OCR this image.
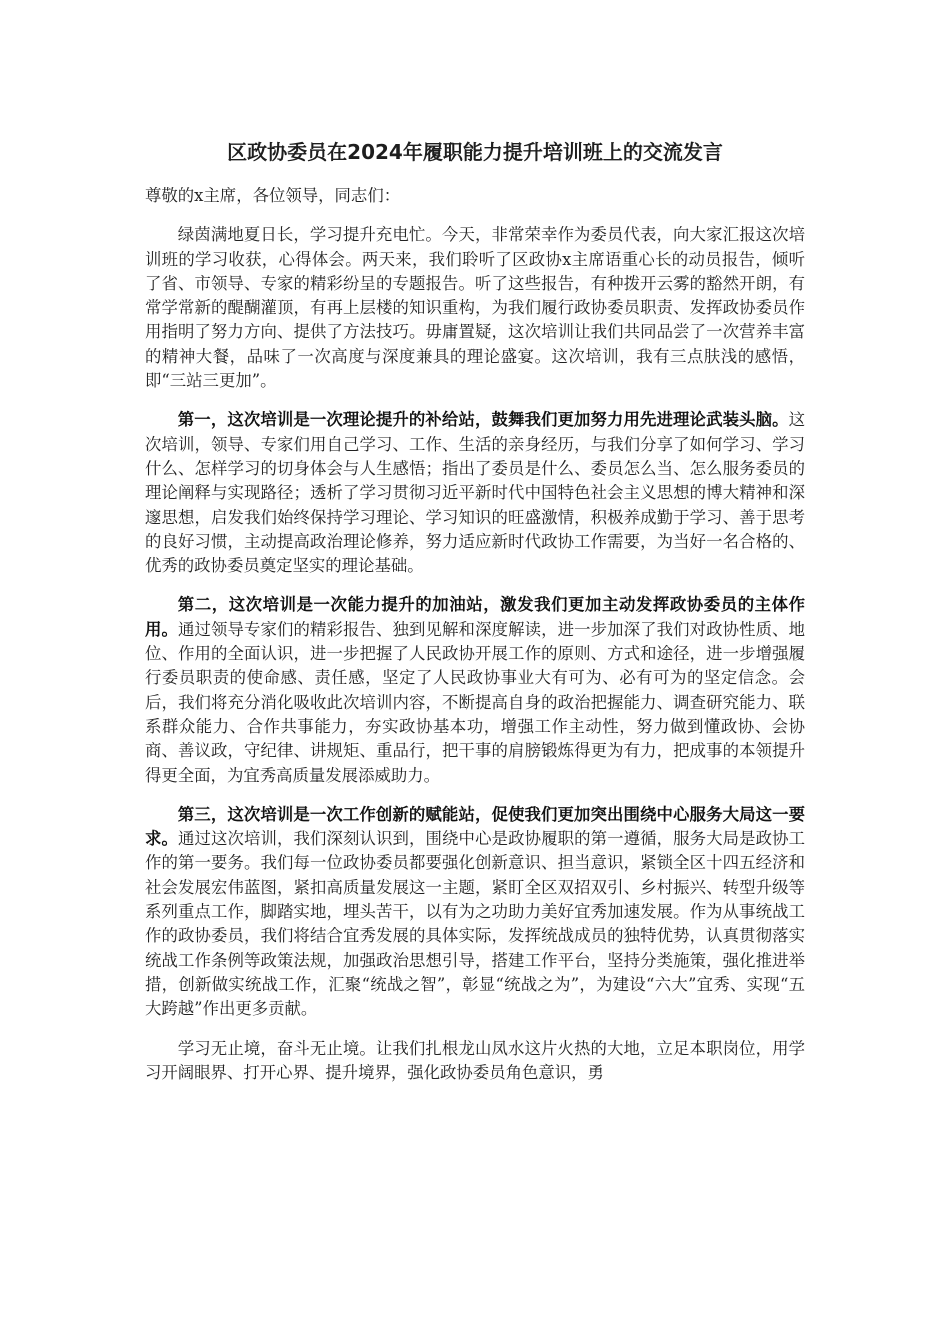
区政协委员在2024年履职能力提升培训班上的交流发言

尊敬的x主席，各位领导，同志们：

绿茵满地夏日长，学习提升充电忙。今天，非常荣幸作为委员代表，向大家汇报这次培训班的学习收获，心得体会。两天来，我们聆听了区政协x主席语重心长的动员报告，倾听了省、市领导、专家的精彩纷呈的专题报告。听了这些报告，有种拨开云雾的豁然开朗，有常学常新的醍醐灌顶，有再上层楼的知识重构，为我们履行政协委员职责、发挥政协委员作用指明了努力方向、提供了方法技巧。毋庸置疑，这次培训让我们共同品尝了一次营养丰富的精神大餐，品味了一次高度与深度兼具的理论盛宴。这次培训，我有三点肤浅的感悟，即“三站三更加”。

第一，这次培训是一次理论提升的补给站，鼓舞我们更加努力用先进理论武装头脑。这次培训，领导、专家们用自己学习、工作、生活的亲身经历，与我们分享了如何学习、学习什么、怎样学习的切身体会与人生感悟；指出了委员是什么、委员怎么当、怎么服务委员的理论阐释与实现路径；透析了学习贯彻习近平新时代中国特色社会主义思想的博大精神和深邃思想，启发我们始终保持学习理论、学习知识的旺盛激情，积极养成勤于学习、善于思考的良好习惯，主动提高政治理论修养，努力适应新时代政协工作需要，为当好一名合格的、优秀的政协委员奠定坚实的理论基础。

第二，这次培训是一次能力提升的加油站，激发我们更加主动发挥政协委员的主体作用。通过领导专家们的精彩报告、独到见解和深度解读，进一步加深了我们对政协性质、地位、作用的全面认识，进一步把握了人民政协开展工作的原则、方式和途径，进一步增强履行委员职责的使命感、责任感，坚定了人民政协事业大有可为、必有可为的坚定信念。会后，我们将充分消化吸收此次培训内容，不断提高自身的政治把握能力、调查研究能力、联系群众能力、合作共事能力，夯实政协基本功，增强工作主动性，努力做到懂政协、会协商、善议政，守纪律、讲规矩、重品行，把干事的肩膀锻炼得更为有力，把成事的本领提升得更全面，为宜秀高质量发展添威助力。

第三，这次培训是一次工作创新的赋能站，促使我们更加突出围绕中心服务大局这一要求。通过这次培训，我们深刻认识到，围绕中心是政协履职的第一遵循，服务大局是政协工作的第一要务。我们每一位政协委员都要强化创新意识、担当意识，紧锁全区十四五经济和社会发展宏伟蓝图，紧扣高质量发展这一主题，紧盯全区双招双引、乡村振兴、转型升级等系列重点工作，脚踏实地，埋头苦干，以有为之功助力美好宜秀加速发展。作为从事统战工作的政协委员，我们将结合宜秀发展的具体实际，发挥统战成员的独特优势，认真贯彻落实统战工作条例等政策法规，加强政治思想引导，搭建工作平台，坚持分类施策，强化推进举措，创新做实统战工作，汇聚“统战之智”，彰显“统战之为”，为建设“六大”宜秀、实现“五大跨越”作出更多贡献。

学习无止境，奋斗无止境。让我们扎根龙山凤水这片火热的大地，立足本职岗位，用学习开阔眼界、打开心界、提升境界，强化政协委员角色意识，勇
